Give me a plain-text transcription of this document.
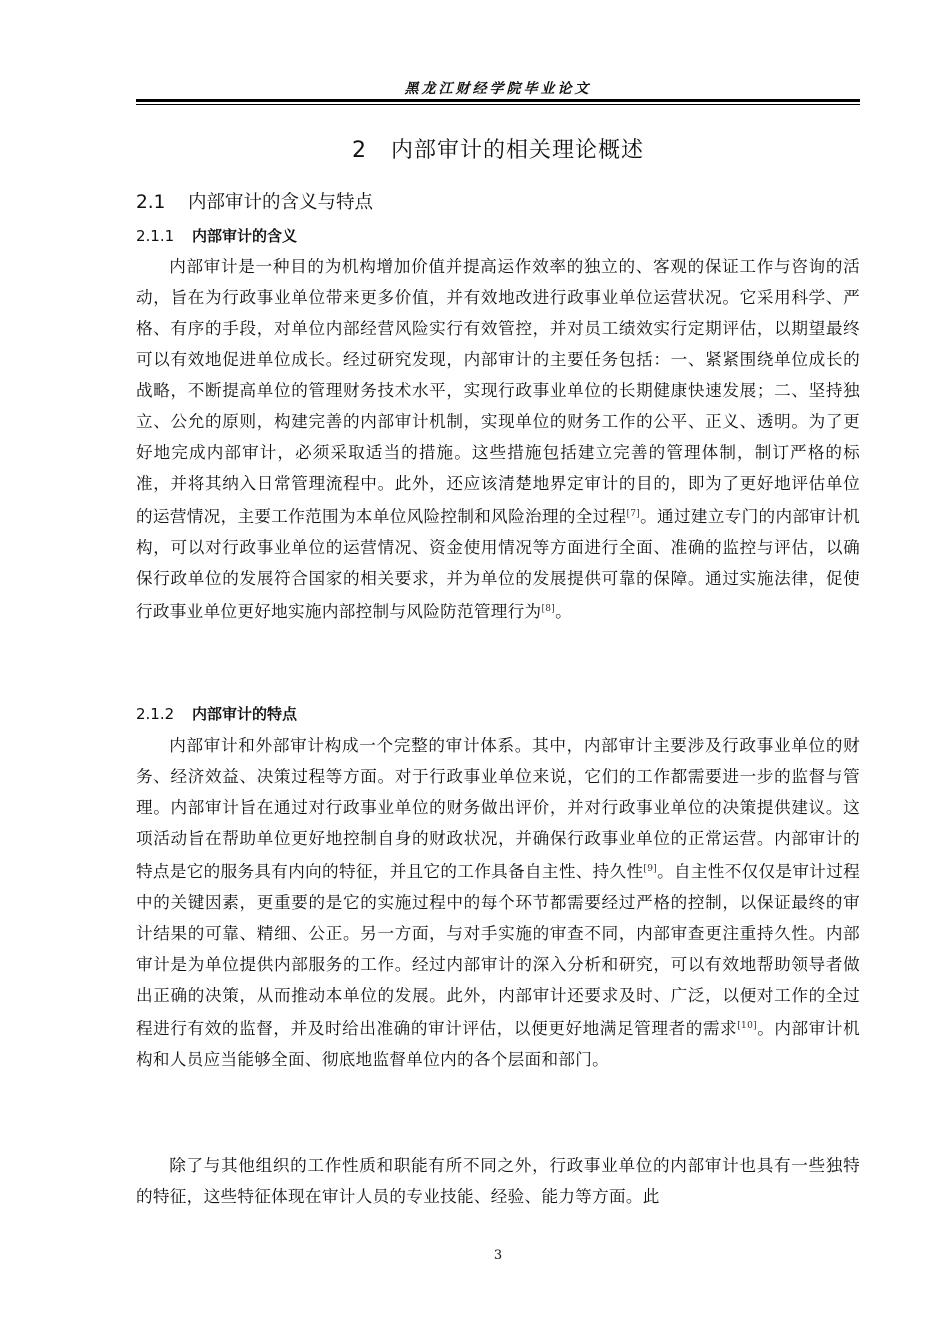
黑龙江财经学院毕业论文
2 内部审计的相关理论概述
2.1 内部审计的含义与特点
2.1.1 内部审计的含义

内部审计是一种目的为机构增加价值并提高运作效率的独立的、客观的保证工作与咨询的活动，旨在为行政事业单位带来更多价值，并有效地改进行政事业单位运营状况。它采用科学、严格、有序的手段，对单位内部经营风险实行有效管控，并对员工绩效实行定期评估，以期望最终可以有效地促进单位成长。经过研究发现，内部审计的主要任务包括：一、紧紧围绕单位成长的战略，不断提高单位的管理财务技术水平，实现行政事业单位的长期健康快速发展；二、坚持独立、公允的原则，构建完善的内部审计机制，实现单位的财务工作的公平、正义、透明。为了更好地完成内部审计，必须采取适当的措施。这些措施包括建立完善的管理体制，制订严格的标准，并将其纳入日常管理流程中。此外，还应该清楚地界定审计的目的，即为了更好地评估单位的运营情况，主要工作范围为本单位风险控制和风险治理的全过程[7]。通过建立专门的内部审计机构，可以对行政事业单位的运营情况、资金使用情况等方面进行全面、准确的监控与评估，以确保行政单位的发展符合国家的相关要求，并为单位的发展提供可靠的保障。通过实施法律，促使行政事业单位更好地实施内部控制与风险防范管理行为[8]。

2.1.2 内部审计的特点

内部审计和外部审计构成一个完整的审计体系。其中，内部审计主要涉及行政事业单位的财务、经济效益、决策过程等方面。对于行政事业单位来说，它们的工作都需要进一步的监督与管理。内部审计旨在通过对行政事业单位的财务做出评价，并对行政事业单位的决策提供建议。这项活动旨在帮助单位更好地控制自身的财政状况，并确保行政事业单位的正常运营。内部审计的特点是它的服务具有内向的特征，并且它的工作具备自主性、持久性[9]。自主性不仅仅是审计过程中的关键因素，更重要的是它的实施过程中的每个环节都需要经过严格的控制，以保证最终的审计结果的可靠、精细、公正。另一方面，与对手实施的审查不同，内部审查更注重持久性。内部审计是为单位提供内部服务的工作。经过内部审计的深入分析和研究，可以有效地帮助领导者做出正确的决策，从而推动本单位的发展。此外，内部审计还要求及时、广泛，以便对工作的全过程进行有效的监督，并及时给出准确的审计评估，以便更好地满足管理者的需求[10]。内部审计机构和人员应当能够全面、彻底地监督单位内的各个层面和部门。

除了与其他组织的工作性质和职能有所不同之外，行政事业单位的内部审计也具有一些独特的特征，这些特征体现在审计人员的专业技能、经验、能力等方面。此

3
